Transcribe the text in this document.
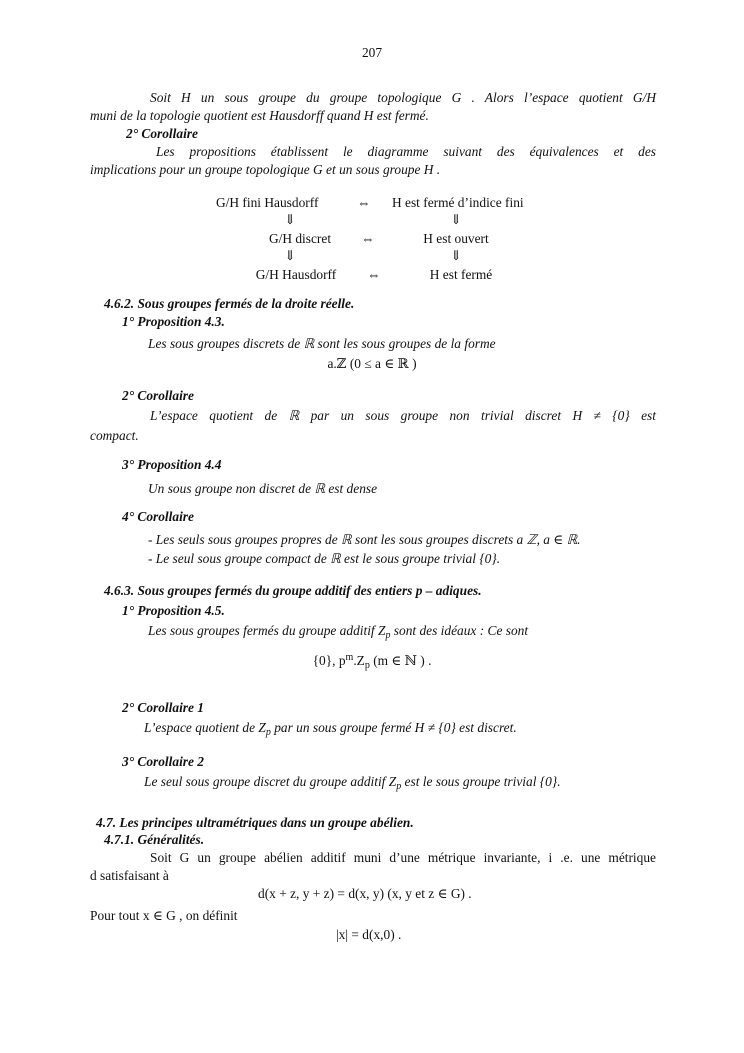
207
Soit H un sous groupe du groupe topologique G . Alors l’espace quotient G/H
muni de la topologie quotient est Hausdorff quand H est fermé.
2° Corollaire
Les propositions établissent le diagramme suivant des équivalences et des
implications pour un groupe topologique G et un sous groupe H .
G/H fini Hausdorff	⇔	H est fermé d’indice fini
⇓	⇓
G/H discret	⇔	H est ouvert
⇓	⇓
G/H Hausdorff	⇔	H est fermé
4.6.2. Sous groupes fermés de la droite réelle.
1° Proposition 4.3.
Les sous groupes discrets de ℝ sont les sous groupes de la forme
a.ℤ (0 ≤ a ∈ ℝ )
2° Corollaire
L’espace quotient de ℝ par un sous groupe non trivial discret H ≠ {0} est
compact.
3° Proposition 4.4
Un sous groupe non discret de ℝ est dense
4° Corollaire
- Les seuls sous groupes propres de ℝ sont les sous groupes discrets a ℤ, a ∈ ℝ.
- Le seul sous groupe compact de ℝ est le sous groupe trivial {0}.
4.6.3. Sous groupes fermés du groupe additif des entiers p – adiques.
1° Proposition 4.5.
Les sous groupes fermés du groupe additif $Z_p$ sont des idéaux : Ce sont
{0}, $p^m.Z_p$ (m ∈ ℕ ) .
2° Corollaire 1
L’espace quotient de $Z_p$ par un sous groupe fermé H ≠ {0} est discret.
3° Corollaire 2
Le seul sous groupe discret du groupe additif $Z_p$ est le sous groupe trivial {0}.
4.7. Les principes ultramétriques dans un groupe abélien.
4.7.1. Généralités.
Soit G un groupe abélien additif muni d’une métrique invariante, i .e. une métrique
d satisfaisant à
d(x + z, y + z) = d(x, y) (x, y et z ∈ G) .
Pour tout x ∈ G , on définit
|x| = d(x,0) .
